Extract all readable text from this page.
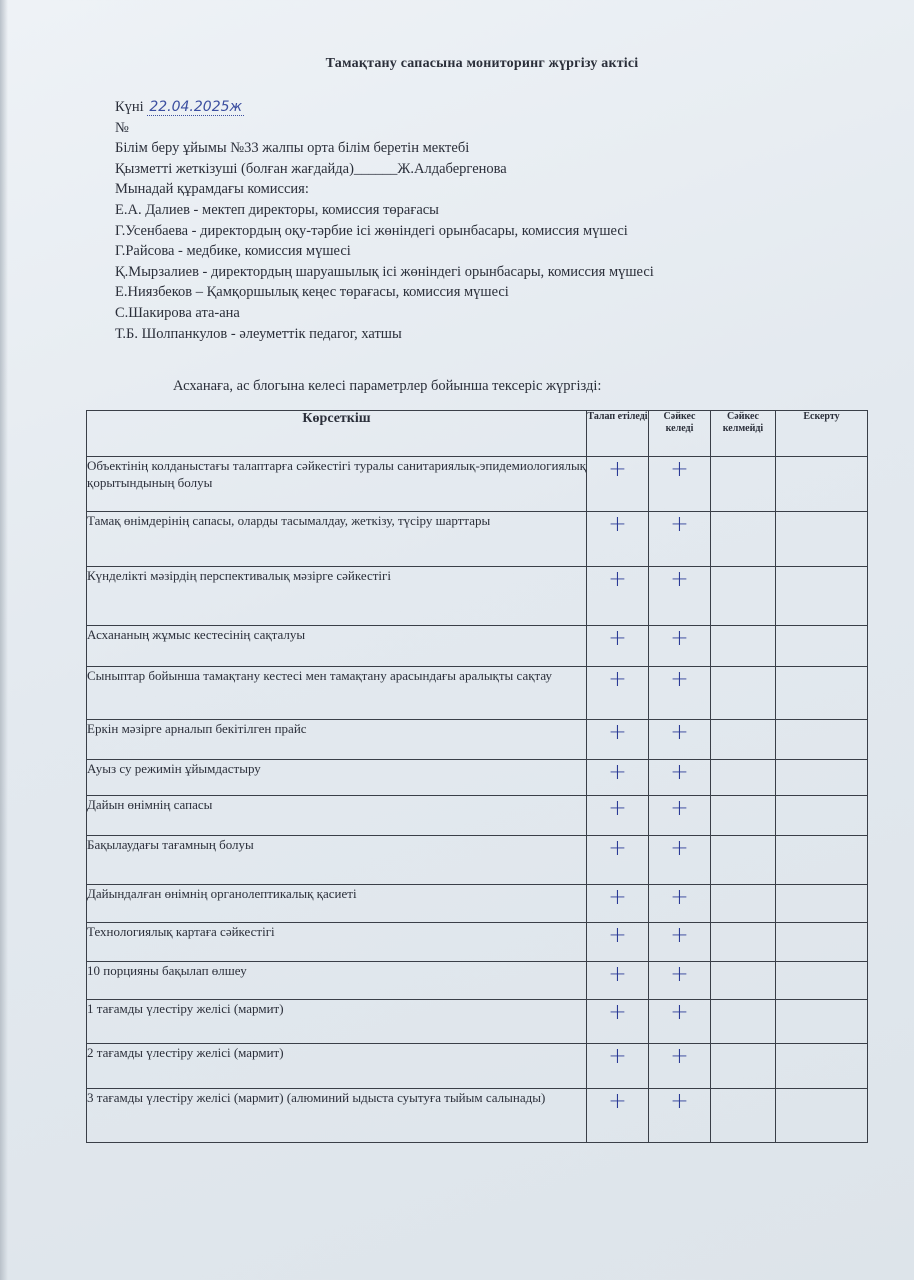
Тамақтану сапасына мониторинг жүргізу актісі
Күні 22.04.2025ж
№
Білім беру ұйымы №33 жалпы орта білім беретін мектебі
Қызметті жеткізуші (болған жағдайда)______Ж.Алдабергенова
Мынадай құрамдағы комиссия:
Е.А. Далиев - мектеп директоры, комиссия төрағасы
Г.Усенбаева - директордың оқу-тәрбие ісі жөніндегі орынбасары, комиссия мүшесі
Г.Райсова - медбике, комиссия мүшесі
Қ.Мырзалиев - директордың шаруашылық ісі жөніндегі орынбасары, комиссия мүшесі
Е.Ниязбеков – Қамқоршылық кеңес төрағасы, комиссия мүшесі
С.Шакирова ата-ана
Т.Б. Шолпанкулов - әлеуметтік педагог, хатшы
Асханаға, ас блогына келесі параметрлер бойынша тексеріс жүргізді:
Көрсеткіш	Талап етіледі	Сәйкес келеді	Сәйкес келмейді	Ескерту
Объектінің колданыстағы талаптарға сәйкестігі туралы санитариялық-эпидемиологиялық қорытындының болуы	+	+		
Тамақ өнімдерінің сапасы, оларды тасымалдау, жеткізу, түсіру шарттары	+	+		
Күнделікті мәзірдің перспективалық мәзірге сәйкестігі	+	+		
Асхананың жұмыс кестесінің сақталуы	+	+		
Сыныптар бойынша тамақтану кестесі мен тамақтану арасындағы аралықты сақтау	+	+		
Еркін мәзірге арналып бекітілген прайс	+	+		
Ауыз су режимін ұйымдастыру	+	+		
Дайын өнімнің сапасы	+	+		
Бақылаудағы тағамның болуы	+	+		
Дайындалған өнімнің органолептикалық қасиеті	+	+		
Технологиялық картаға сәйкестігі	+	+		
10 порцияны бақылап өлшеу	+	+		
1 тағамды үлестіру желісі (мармит)	+	+		
2 тағамды үлестіру желісі (мармит)	+	+		
3 тағамды үлестіру желісі (мармит) (алюминий ыдыста суытуға тыйым салынады)	+	+		
